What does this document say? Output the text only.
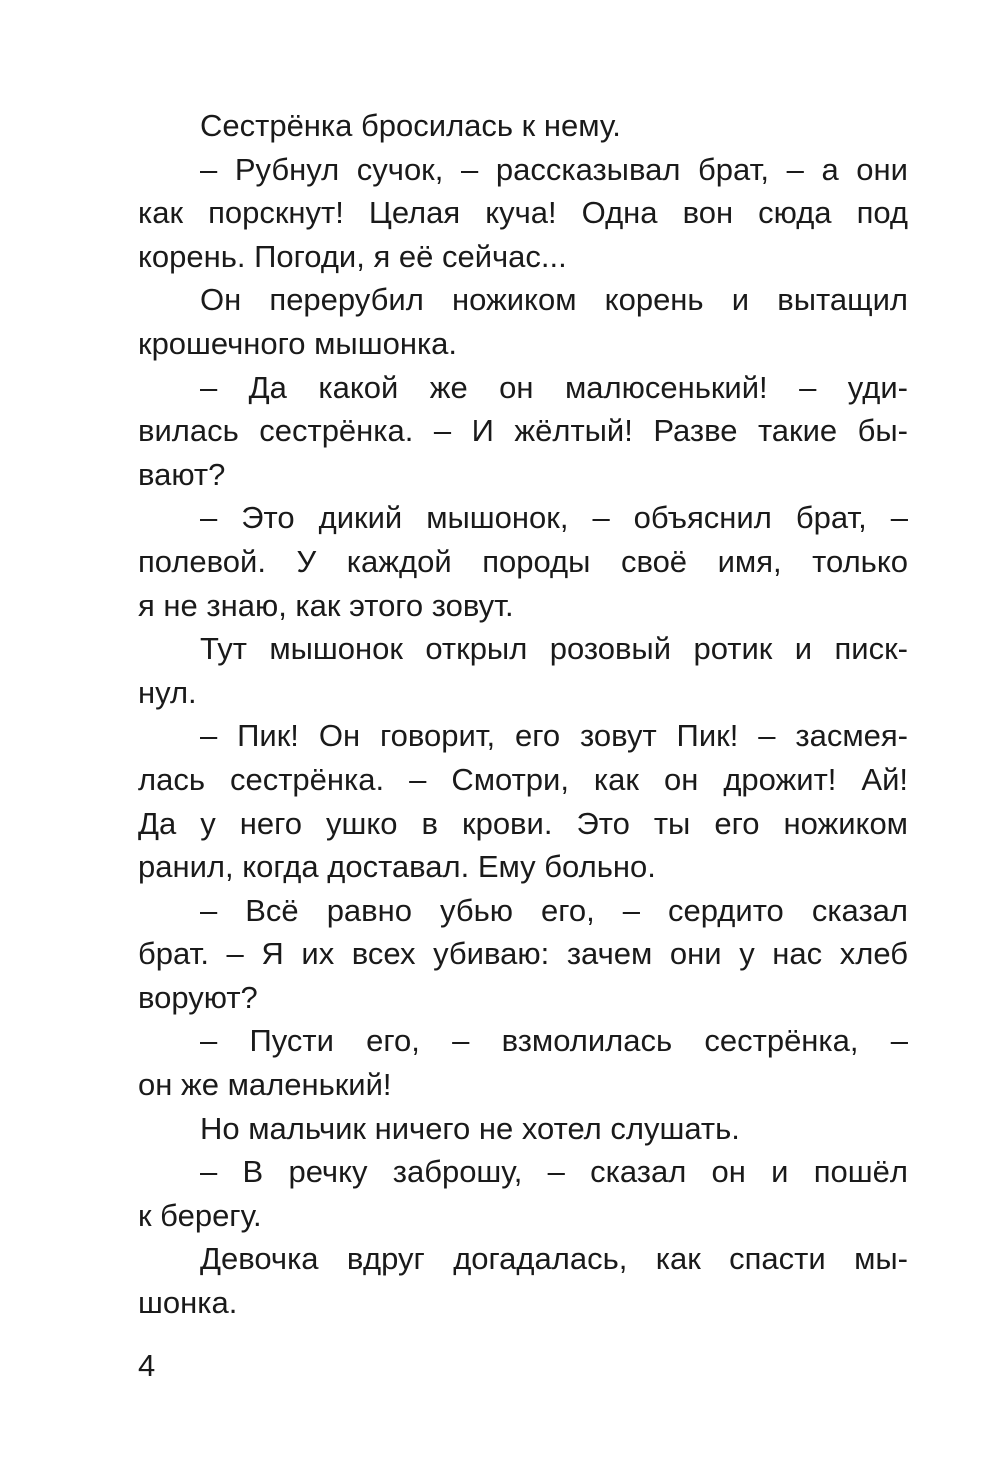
Сестрёнка бросилась к нему.
– Рубнул сучок, – рассказывал брат, – а они
как порскнут! Целая куча! Одна вон сюда под
корень. Погоди, я её сейчас...
Он перерубил ножиком корень и вытащил
крошечного мышонка.
– Да какой же он малюсенький! – уди-
вилась сестрёнка. – И жёлтый! Разве такие бы-
вают?
– Это дикий мышонок, – объяснил брат, –
полевой. У каждой породы своё имя, только
я не знаю, как этого зовут.
Тут мышонок открыл розовый ротик и писк-
нул.
– Пик! Он говорит, его зовут Пик! – засмея-
лась сестрёнка. – Смотри, как он дрожит! Ай!
Да у него ушко в крови. Это ты его ножиком
ранил, когда доставал. Ему больно.
– Всё равно убью его, – сердито сказал
брат. – Я их всех убиваю: зачем они у нас хлеб
воруют?
– Пусти его, – взмолилась сестрёнка, –
он же маленький!
Но мальчик ничего не хотел слушать.
– В речку заброшу, – сказал он и пошёл
к берегу.
Девочка вдруг догадалась, как спасти мы-
шонка.
4
